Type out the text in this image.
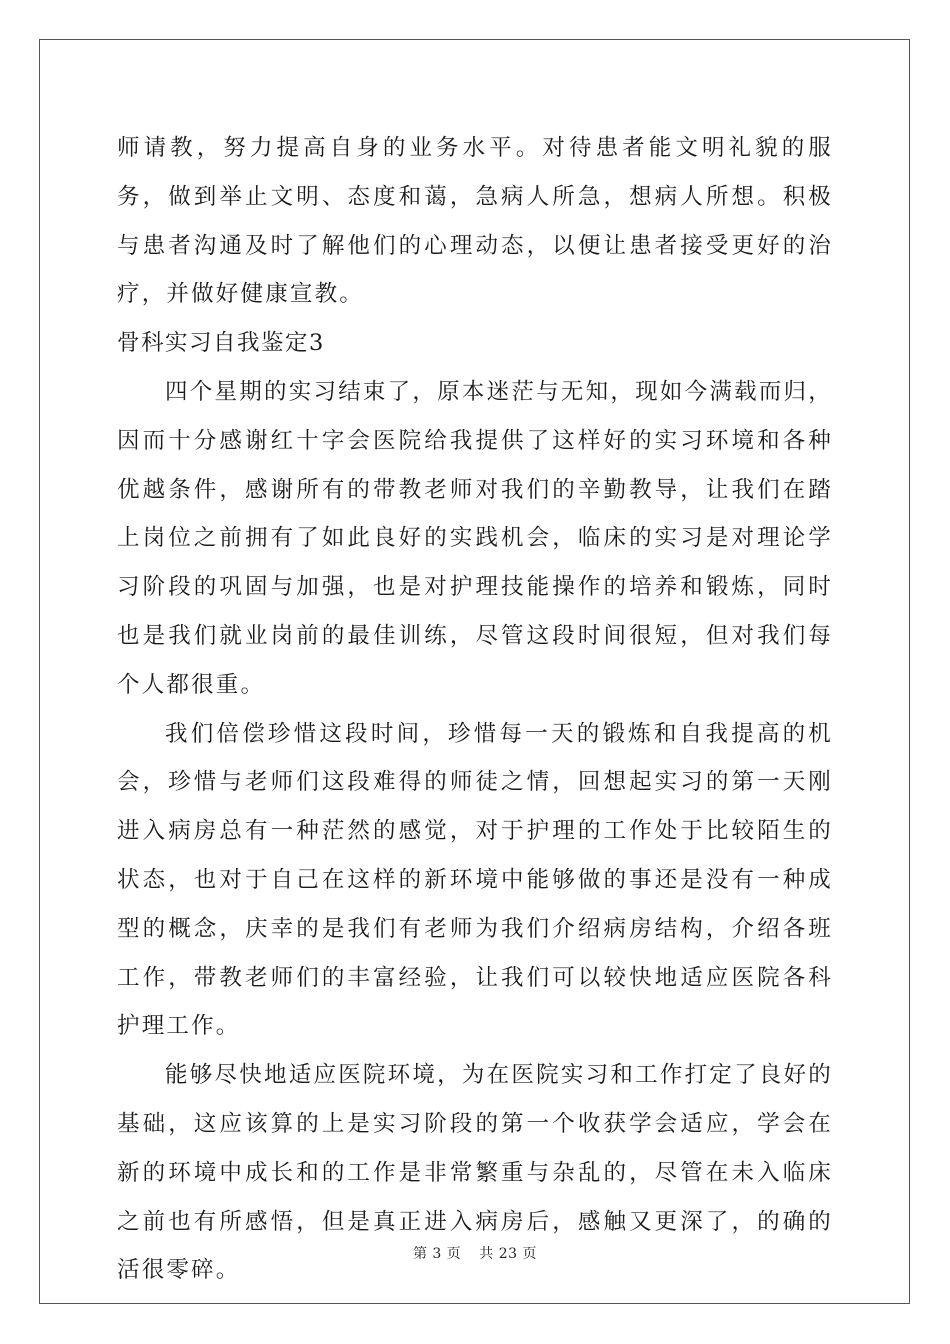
师请教，努力提高自身的业务水平。对待患者能文明礼貌的服务，做到举止文明、态度和蔼，急病人所急，想病人所想。积极与患者沟通及时了解他们的心理动态，以便让患者接受更好的治疗，并做好健康宣教。

骨科实习自我鉴定3

四个星期的实习结束了，原本迷茫与无知，现如今满载而归，因而十分感谢红十字会医院给我提供了这样好的实习环境和各种优越条件，感谢所有的带教老师对我们的辛勤教导，让我们在踏上岗位之前拥有了如此良好的实践机会，临床的实习是对理论学习阶段的巩固与加强，也是对护理技能操作的培养和锻炼，同时也是我们就业岗前的最佳训练，尽管这段时间很短，但对我们每个人都很重。

我们倍偿珍惜这段时间，珍惜每一天的锻炼和自我提高的机会，珍惜与老师们这段难得的师徒之情，回想起实习的第一天刚进入病房总有一种茫然的感觉，对于护理的工作处于比较陌生的状态，也对于自己在这样的新环境中能够做的事还是没有一种成型的概念，庆幸的是我们有老师为我们介绍病房结构，介绍各班工作，带教老师们的丰富经验，让我们可以较快地适应医院各科护理工作。

能够尽快地适应医院环境，为在医院实习和工作打定了良好的基础，这应该算的上是实习阶段的第一个收获学会适应，学会在新的环境中成长和的工作是非常繁重与杂乱的，尽管在未入临床之前也有所感悟，但是真正进入病房后，感触又更深了，的确的活很零碎。

第 3 页 共 23 页
